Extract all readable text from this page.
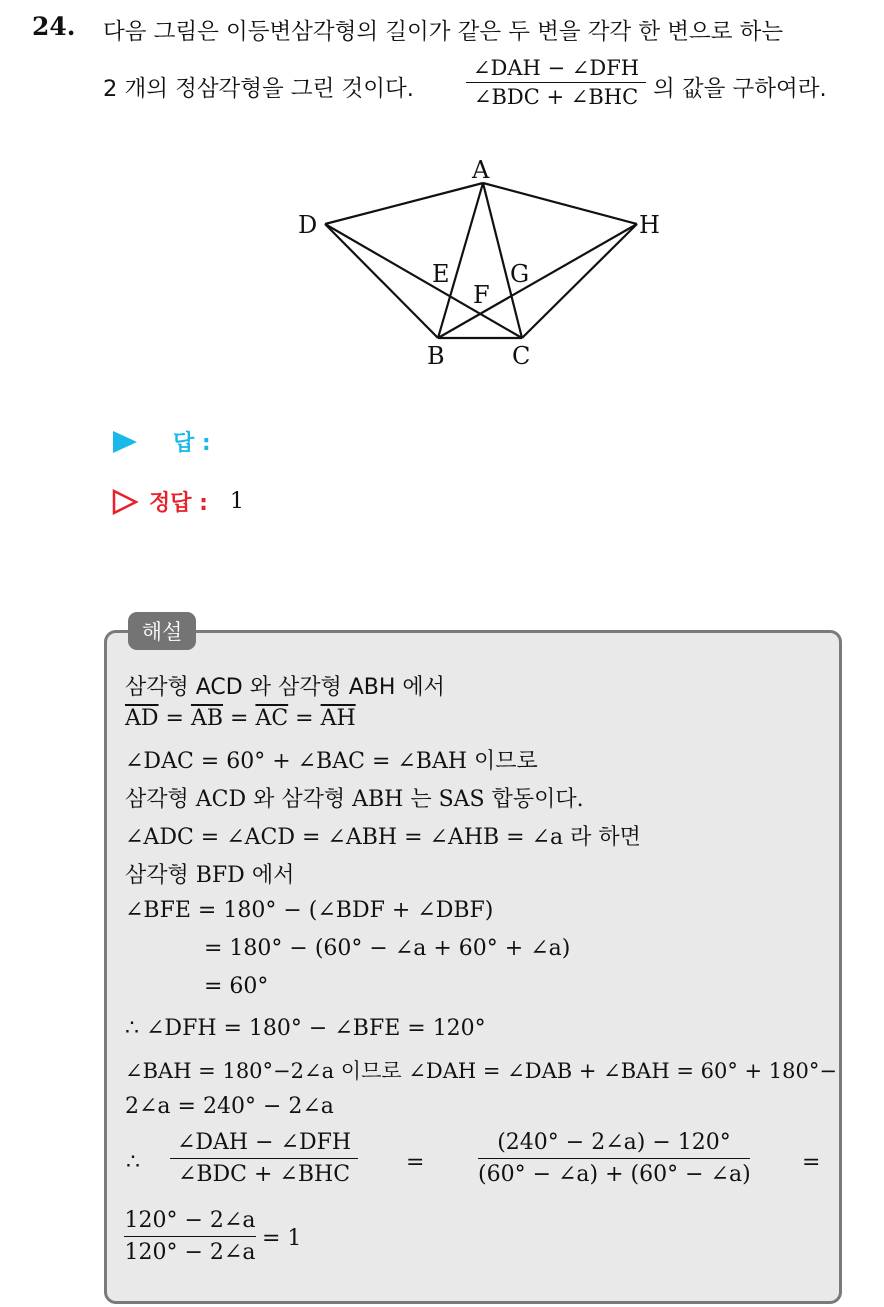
24. 다음 그림은 이등변삼각형의 길이가 같은 두 변을 각각 한 변으로 하는
2 개의 정삼각형을 그린 것이다.
∠DAH − ∠DFH
∠BDC + ∠BHC 의 값을 구하여라.
A
D	H
E	G
F
B	C
답 :
정답 : 1
해설
삼각형 ACD 와 삼각형 ABH 에서
$\overline{AD} = \overline{AB} = \overline{AC} = \overline{AH}$
∠DAC = 60° + ∠BAC = ∠BAH 이므로
삼각형 ACD 와 삼각형 ABH 는 SAS 합동이다.
∠ADC = ∠ACD = ∠ABH = ∠AHB = ∠a 라 하면
삼각형 BFD 에서
∠BFE = 180° − (∠BDF + ∠DBF)
= 180° − (60° − ∠a + 60° + ∠a)
= 60°
∴ ∠DFH = 180° − ∠BFE = 120°
∠BAH = 180°−2∠a 이므로 ∠DAH = ∠DAB + ∠BAH = 60° + 180°−
2∠a = 240° − 2∠a
∴
∠DAH − ∠DFH
∠BDC + ∠BHC	= $\frac{(240^\circ - 2\angle a) - 120^\circ}{(60^\circ - \angle a) + (60^\circ - \angle a)}$ =
$\frac{120^\circ - 2\angle a}{120^\circ - 2\angle a} = 1$
